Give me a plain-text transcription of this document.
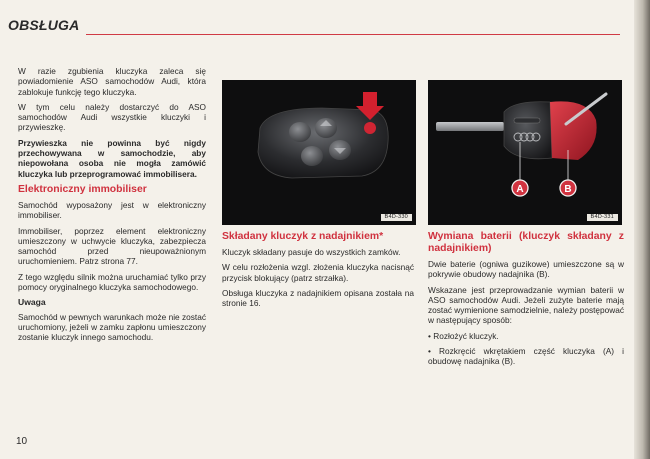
OBSŁUGA

W razie zgubienia kluczyka zaleca się powiadomienie ASO samochodów Audi, która zablokuje funkcję tego kluczyka.

W tym celu należy dostarczyć do ASO samochodów Audi wszystkie kluczyki i przywieszkę.

Przywieszka nie powinna być nigdy przechowywana w samochodzie, aby niepowołana osoba nie mogła zamówić kluczyka lub przeprogramować immobilisera.

Elektroniczny immobiliser

Samochód wyposażony jest w elektroniczny immobiliser.

Immobiliser, poprzez element elektroniczny umieszczony w uchwycie kluczyka, zabezpiecza samochód przed nieupoważnionym uruchomieniem. Patrz strona 77.

Z tego względu silnik można uruchamiać tylko przy pomocy oryginalnego kluczyka samochodowego.

Uwaga

Samochód w pewnych warunkach może nie zostać uruchomiony, jeżeli w zamku zapłonu umieszczony zostanie kluczyk innego samochodu.

B4D-330
A	B
B4D-331
Składany kluczyk z nadajnikiem*

Kluczyk składany pasuje do wszystkich zamków.

W celu rozłożenia wzgl. złożenia kluczyka nacisnąć przycisk blokujący (patrz strzałka).

Obsługa kluczyka z nadajnikiem opisana została na stronie 16.

Wymiana baterii (kluczyk składany z nadajnikiem)

Dwie baterie (ogniwa guzikowe) umieszczone są w pokrywie obudowy nadajnika (B).

Wskazane jest przeprowadzanie wymian baterii w ASO samochodów Audi. Jeżeli zużyte baterie mają zostać wymienione samodzielnie, należy postępować w następujący sposób:

• Rozłożyć kluczyk.

• Rozkręcić wkrętakiem część kluczyka (A) i obudowę nadajnika (B).

10
